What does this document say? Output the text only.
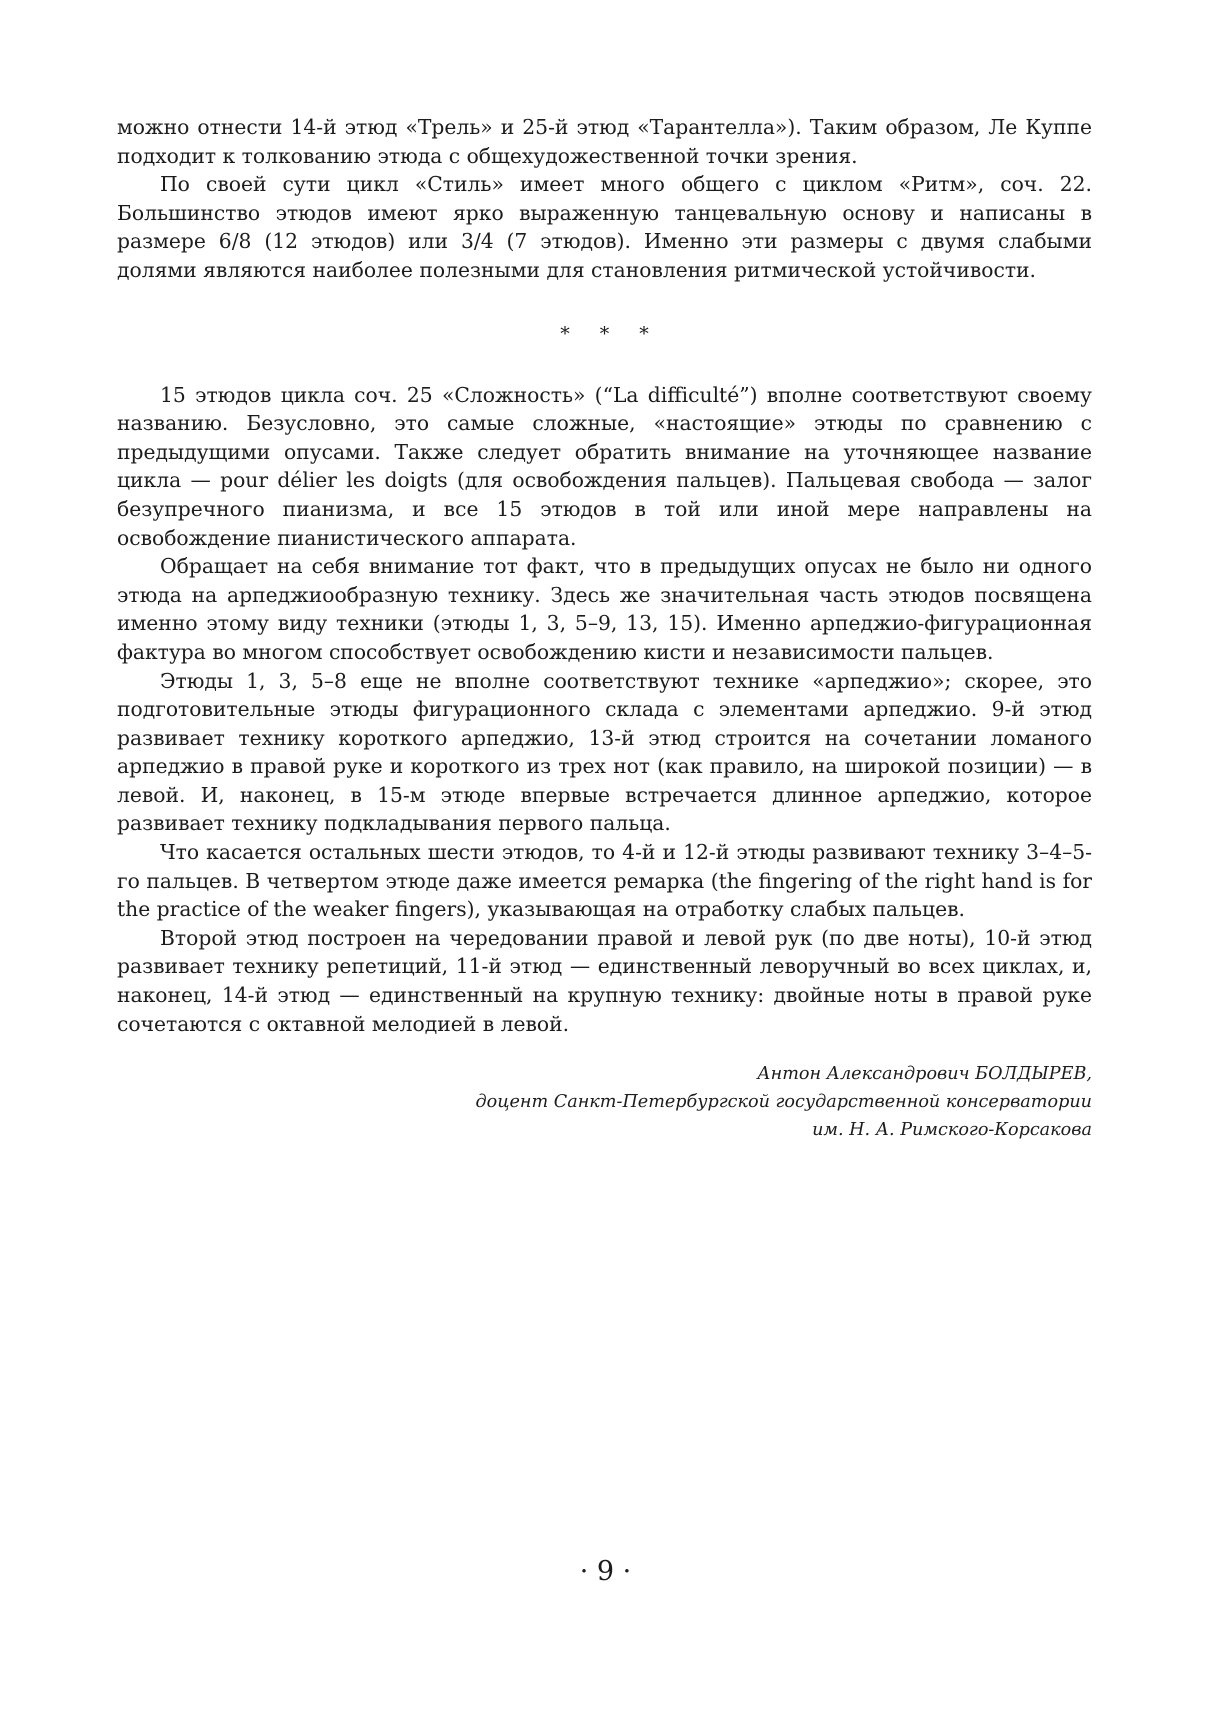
можно отнести 14-й этюд «Трель» и 25-й этюд «Тарантелла»). Таким образом, Ле Куппе подходит к толкованию этюда с общехудожественной точки зрения.

По своей сути цикл «Стиль» имеет много общего с циклом «Ритм», соч. 22. Большинство этюдов имеют ярко выраженную танцевальную основу и написаны в размере 6/8 (12 этюдов) или 3/4 (7 этюдов). Именно эти размеры с двумя слабыми долями являются наиболее полезными для становления ритмической устойчивости.

* * *

15 этюдов цикла соч. 25 «Сложность» (“La difficulté”) вполне соответствуют своему названию. Безусловно, это самые сложные, «настоящие» этюды по сравнению с предыдущими опусами. Также следует обратить внимание на уточняющее название цикла — pour délier les doigts (для освобождения пальцев). Пальцевая свобода — залог безупречного пианизма, и все 15 этюдов в той или иной мере направлены на освобождение пианистического аппарата.

Обращает на себя внимание тот факт, что в предыдущих опусах не было ни одного этюда на арпеджиообразную технику. Здесь же значительная часть этюдов посвящена именно этому виду техники (этюды 1, 3, 5–9, 13, 15). Именно арпеджио-фигурационная фактура во многом способствует освобождению кисти и независимости пальцев.

Этюды 1, 3, 5–8 еще не вполне соответствуют технике «арпеджио»; скорее, это подготовительные этюды фигурационного склада с элементами арпеджио. 9-й этюд развивает технику короткого арпеджио, 13-й этюд строится на сочетании ломаного арпеджио в правой руке и короткого из трех нот (как правило, на широкой позиции) — в левой. И, наконец, в 15-м этюде впервые встречается длинное арпеджио, которое развивает технику подкладывания первого пальца.

Что касается остальных шести этюдов, то 4-й и 12-й этюды развивают технику 3–4–5-го пальцев. В четвертом этюде даже имеется ремарка (the fingering of the right hand is for the practice of the weaker fingers), указывающая на отработку слабых пальцев.

Второй этюд построен на чередовании правой и левой рук (по две ноты), 10-й этюд развивает технику репетиций, 11-й этюд — единственный леворучный во всех циклах, и, наконец, 14-й этюд — единственный на крупную технику: двойные ноты в правой руке сочетаются с октавной мелодией в левой.

Антон Александрович БОЛДЫРЕВ,
доцент Санкт-Петербургской государственной консерватории
им. Н. А. Римского-Корсакова
· 9 ·
